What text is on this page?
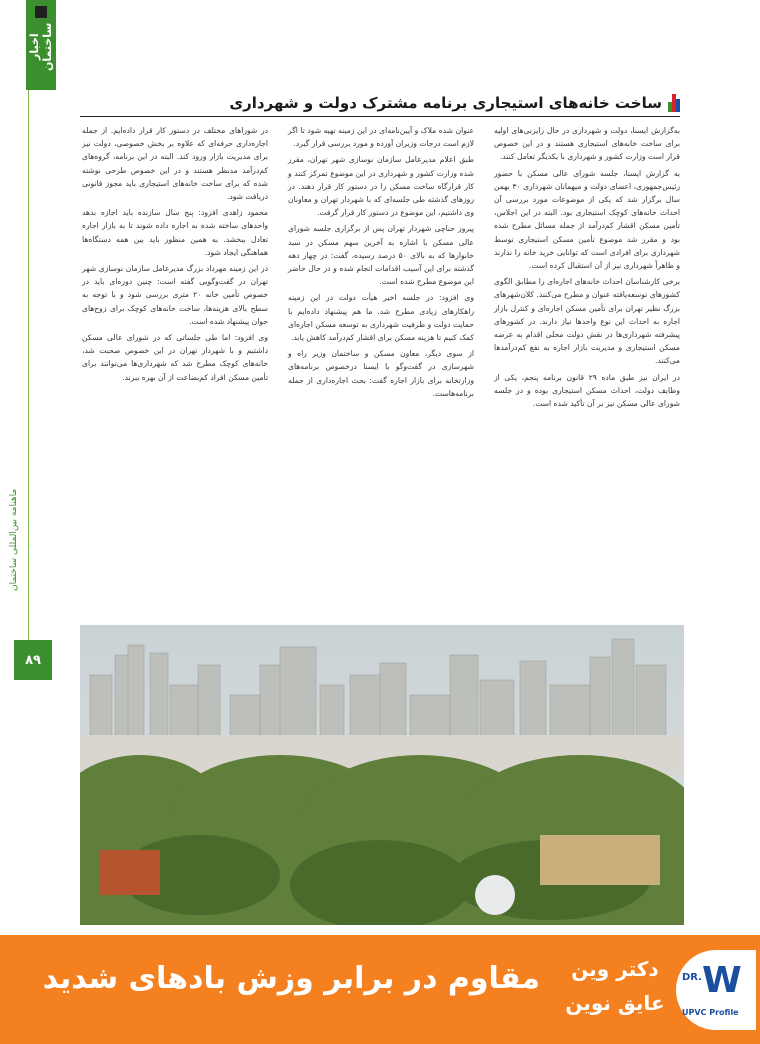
ماهنامه بین‌المللی ساختمان
اخبار ساختمان
۸۹
ساخت خانه‌های استیجاری برنامه مشترک دولت و شهرداری

به‌گزارش ایسنا، دولت و شهرداری در حال رایزنی‌های اولیه برای ساخت خانه‌های استیجاری هستند و در این خصوص قرار است وزارت کشور و شهرداری با یکدیگر تعامل کنند.

به گزارش ایسنا، جلسه شورای عالی مسکن با حضور رئیس‌جمهوری، اعضای دولت و میهمانان شهرداری ۳۰ بهمن سال برگزار شد که یکی از موضوعات مورد بررسی آن احداث خانه‌های کوچک استیجاری بود. البته در این اجلاس، تأمین مسکن اقشار کم‌درآمد از جمله مسائل مطرح شده بود و مقرر شد موضوع تأمین مسکن استیجاری توسط شهرداری برای افرادی است که توانایی خرید خانه را ندارند و ظاهراً شهرداری نیز از آن استقبال کرده است.

برخی کارشناسان احداث خانه‌های اجاره‌ای را مطابق الگوی کشورهای توسعه‌یافته عنوان و مطرح می‌کنند. کلان‌شهرهای بزرگ نظیر تهران برای تأمین مسکن اجاره‌ای و کنترل بازار اجاره به احداث این نوع واحدها نیاز دارند. در کشورهای پیشرفته شهرداری‌ها در نقش دولت محلی اقدام به عرضه مسکن استیجاری و مدیریت بازار اجاره به نفع کم‌درآمدها می‌کنند.

در ایران نیز طبق ماده ۲۹ قانون برنامه پنجم، یکی از وظایف دولت، احداث مسکن استیجاری بوده و در جلسه شورای عالی مسکن نیز بر آن تأکید شده است.

عنوان شده ملاک و آیین‌نامه‌ای در این زمینه تهیه شود تا اگر لازم است درجات وزیران آورده و مورد بررسی قرار گیرد.

طبق اعلام مدیرعامل سازمان نوسازی شهر تهران، مقرر شده وزارت کشور و شهرداری در این موضوع تمرکز کنند و کار قرارگاه ساخت مسکن را در دستور کار قرار دهند. در روزهای گذشته طی جلسه‌ای که با شهردار تهران و معاونان وی داشتیم، این موضوع در دستور کار قرار گرفت.

پیروز حناچی شهردار تهران پس از برگزاری جلسه شورای عالی مسکن با اشاره به آخرین سهم مسکن در سبد خانوارها که به بالای ۵۰ درصد رسیده، گفت: در چهار دهه گذشته برای این آسیب اقدامات انجام شده و در حال حاضر این موضوع مطرح شده است.

وی افزود: در جلسه اخیر هیأت دولت در این زمینه راهکارهای زیادی مطرح شد. ما هم پیشنهاد داده‌ایم با حمایت دولت و ظرفیت شهرداری به توسعه مسکن اجاره‌ای کمک کنیم تا هزینه مسکن برای اقشار کم‌درآمد کاهش یابد.

از سوی دیگر، معاون مسکن و ساختمان وزیر راه و شهرسازی در گفت‌وگو با ایسنا درخصوص برنامه‌های وزارتخانه برای بازار اجاره گفت: بحث اجاره‌داری از جمله برنامه‌هاست.

در شوراهای مختلف در دستور کار قرار داده‌ایم. از جمله اجاره‌داری حرفه‌ای که علاوه بر بخش خصوصی، دولت نیز برای مدیریت بازار ورود کند. البته در این برنامه، گروه‌های کم‌درآمد مدنظر هستند و در این خصوص طرحی نوشته شده که برای ساخت خانه‌های استیجاری باید مجوز قانونی دریافت شود.

محمود زاهدی افزود: پنج سال سازنده باید اجازه بدهد واحدهای ساخته شده به اجاره داده شوند تا به بازار اجاره تعادل ببخشد. به همین منظور باید بین همه دستگاه‌ها هماهنگی ایجاد شود.

در این زمینه مهرداد بزرگ مدیرعامل سازمان نوسازی شهر تهران در گفت‌وگویی گفته است: چنین دوره‌ای باید در خصوص تأمین خانه ۲۰ متری بررسی شود و با توجه به سطح بالای هزینه‌ها، ساخت خانه‌های کوچک برای زوج‌های جوان پیشنهاد شده است.

وی افزود: اما طی جلساتی که در شورای عالی مسکن داشتیم و با شهردار تهران در این خصوص صحبت شد، خانه‌های کوچک مطرح شد که شهرداری‌ها می‌توانند برای تأمین مسکن افراد کم‌بضاعت از آن بهره ببرند.

مقاوم در برابر وزش بادهای شدید	دکتر وین
عایق نوین
DR. W
UPVC Profile
